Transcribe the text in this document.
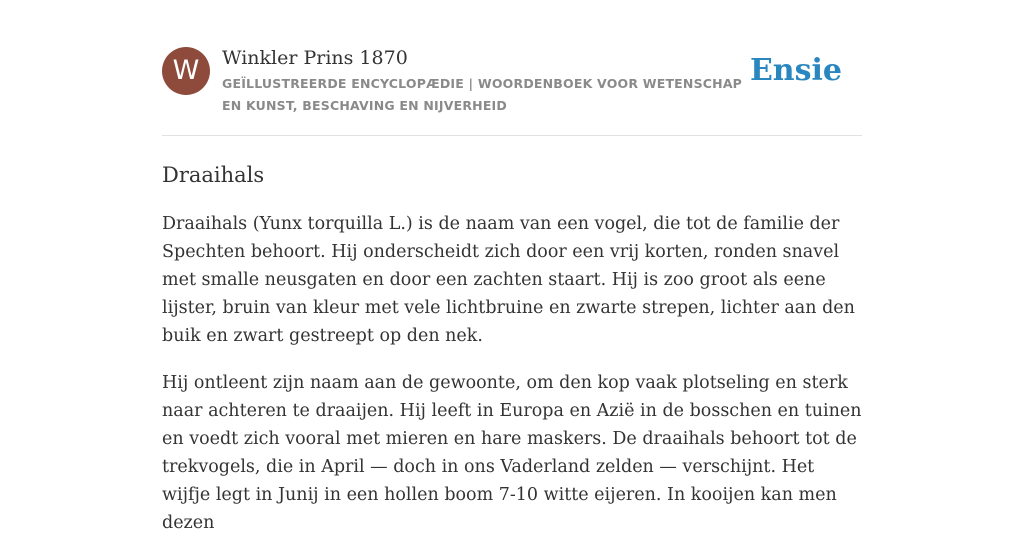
W	Winkler Prins 1870
GEÏLLUSTREERDE ENCYCLOPÆDIE | WOORDENBOEK VOOR WETENSCHAP EN KUNST, BESCHAVING EN NIJVERHEID
Ensie
Draaihals

Draaihals (Yunx torquilla L.) is de naam van een vogel, die tot de familie der Spechten behoort. Hij onderscheidt zich door een vrij korten, ronden snavel met smalle neusgaten en door een zachten staart. Hij is zoo groot als eene lijster, bruin van kleur met vele lichtbruine en zwarte strepen, lichter aan den buik en zwart gestreept op den nek.

Hij ontleent zijn naam aan de gewoonte, om den kop vaak plotseling en sterk naar achteren te draaijen. Hij leeft in Europa en Azië in de bosschen en tuinen en voedt zich vooral met mieren en hare maskers. De draaihals behoort tot de trekvogels, die in April — doch in ons Vaderland zelden — verschijnt. Het wijfje legt in Junij in een hollen boom 7-10 witte eijeren. In kooijen kan men dezen
